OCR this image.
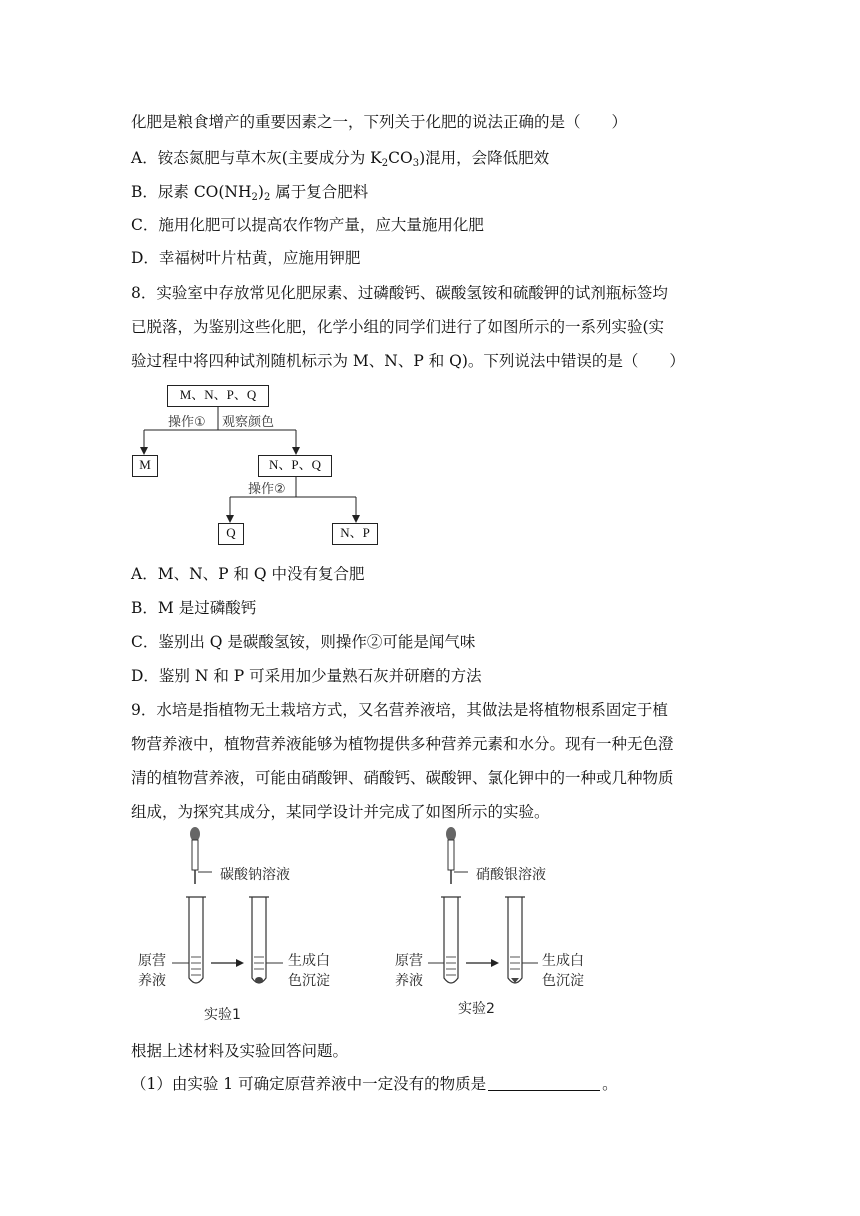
化肥是粮食增产的重要因素之一，下列关于化肥的说法正确的是（　　）
A．铵态氮肥与草木灰(主要成分为 $K_2CO_3$)混用，会降低肥效
B．尿素 $CO(NH_2)_2$ 属于复合肥料
C．施用化肥可以提高农作物产量，应大量施用化肥
D．幸福树叶片枯黄，应施用钾肥
8．实验室中存放常见化肥尿素、过磷酸钙、碳酸氢铵和硫酸钾的试剂瓶标签均
已脱落，为鉴别这些化肥，化学小组的同学们进行了如图所示的一系列实验(实
验过程中将四种试剂随机标示为 M、N、P 和 Q)。下列说法中错误的是（　　）
M、N、P、Q
操作① 观察颜色
M	N、P、Q
操作②
Q	N、P
A．M、N、P 和 Q 中没有复合肥
B．M 是过磷酸钙
C．鉴别出 Q 是碳酸氢铵，则操作②可能是闻气味
D．鉴别 N 和 P 可采用加少量熟石灰并研磨的方法
9．水培是指植物无土栽培方式，又名营养液培，其做法是将植物根系固定于植
物营养液中，植物营养液能够为植物提供多种营养元素和水分。现有一种无色澄
清的植物营养液，可能由硝酸钾、硝酸钙、碳酸钾、氯化钾中的一种或几种物质
组成，为探究其成分，某同学设计并完成了如图所示的实验。
碳酸钠溶液
原营
养液
生成白
色沉淀
实验1
硝酸银溶液
原营
养液
生成白
色沉淀
实验2
根据上述材料及实验回答问题。
（1）由实验 1 可确定原营养液中一定没有的物质是	。
